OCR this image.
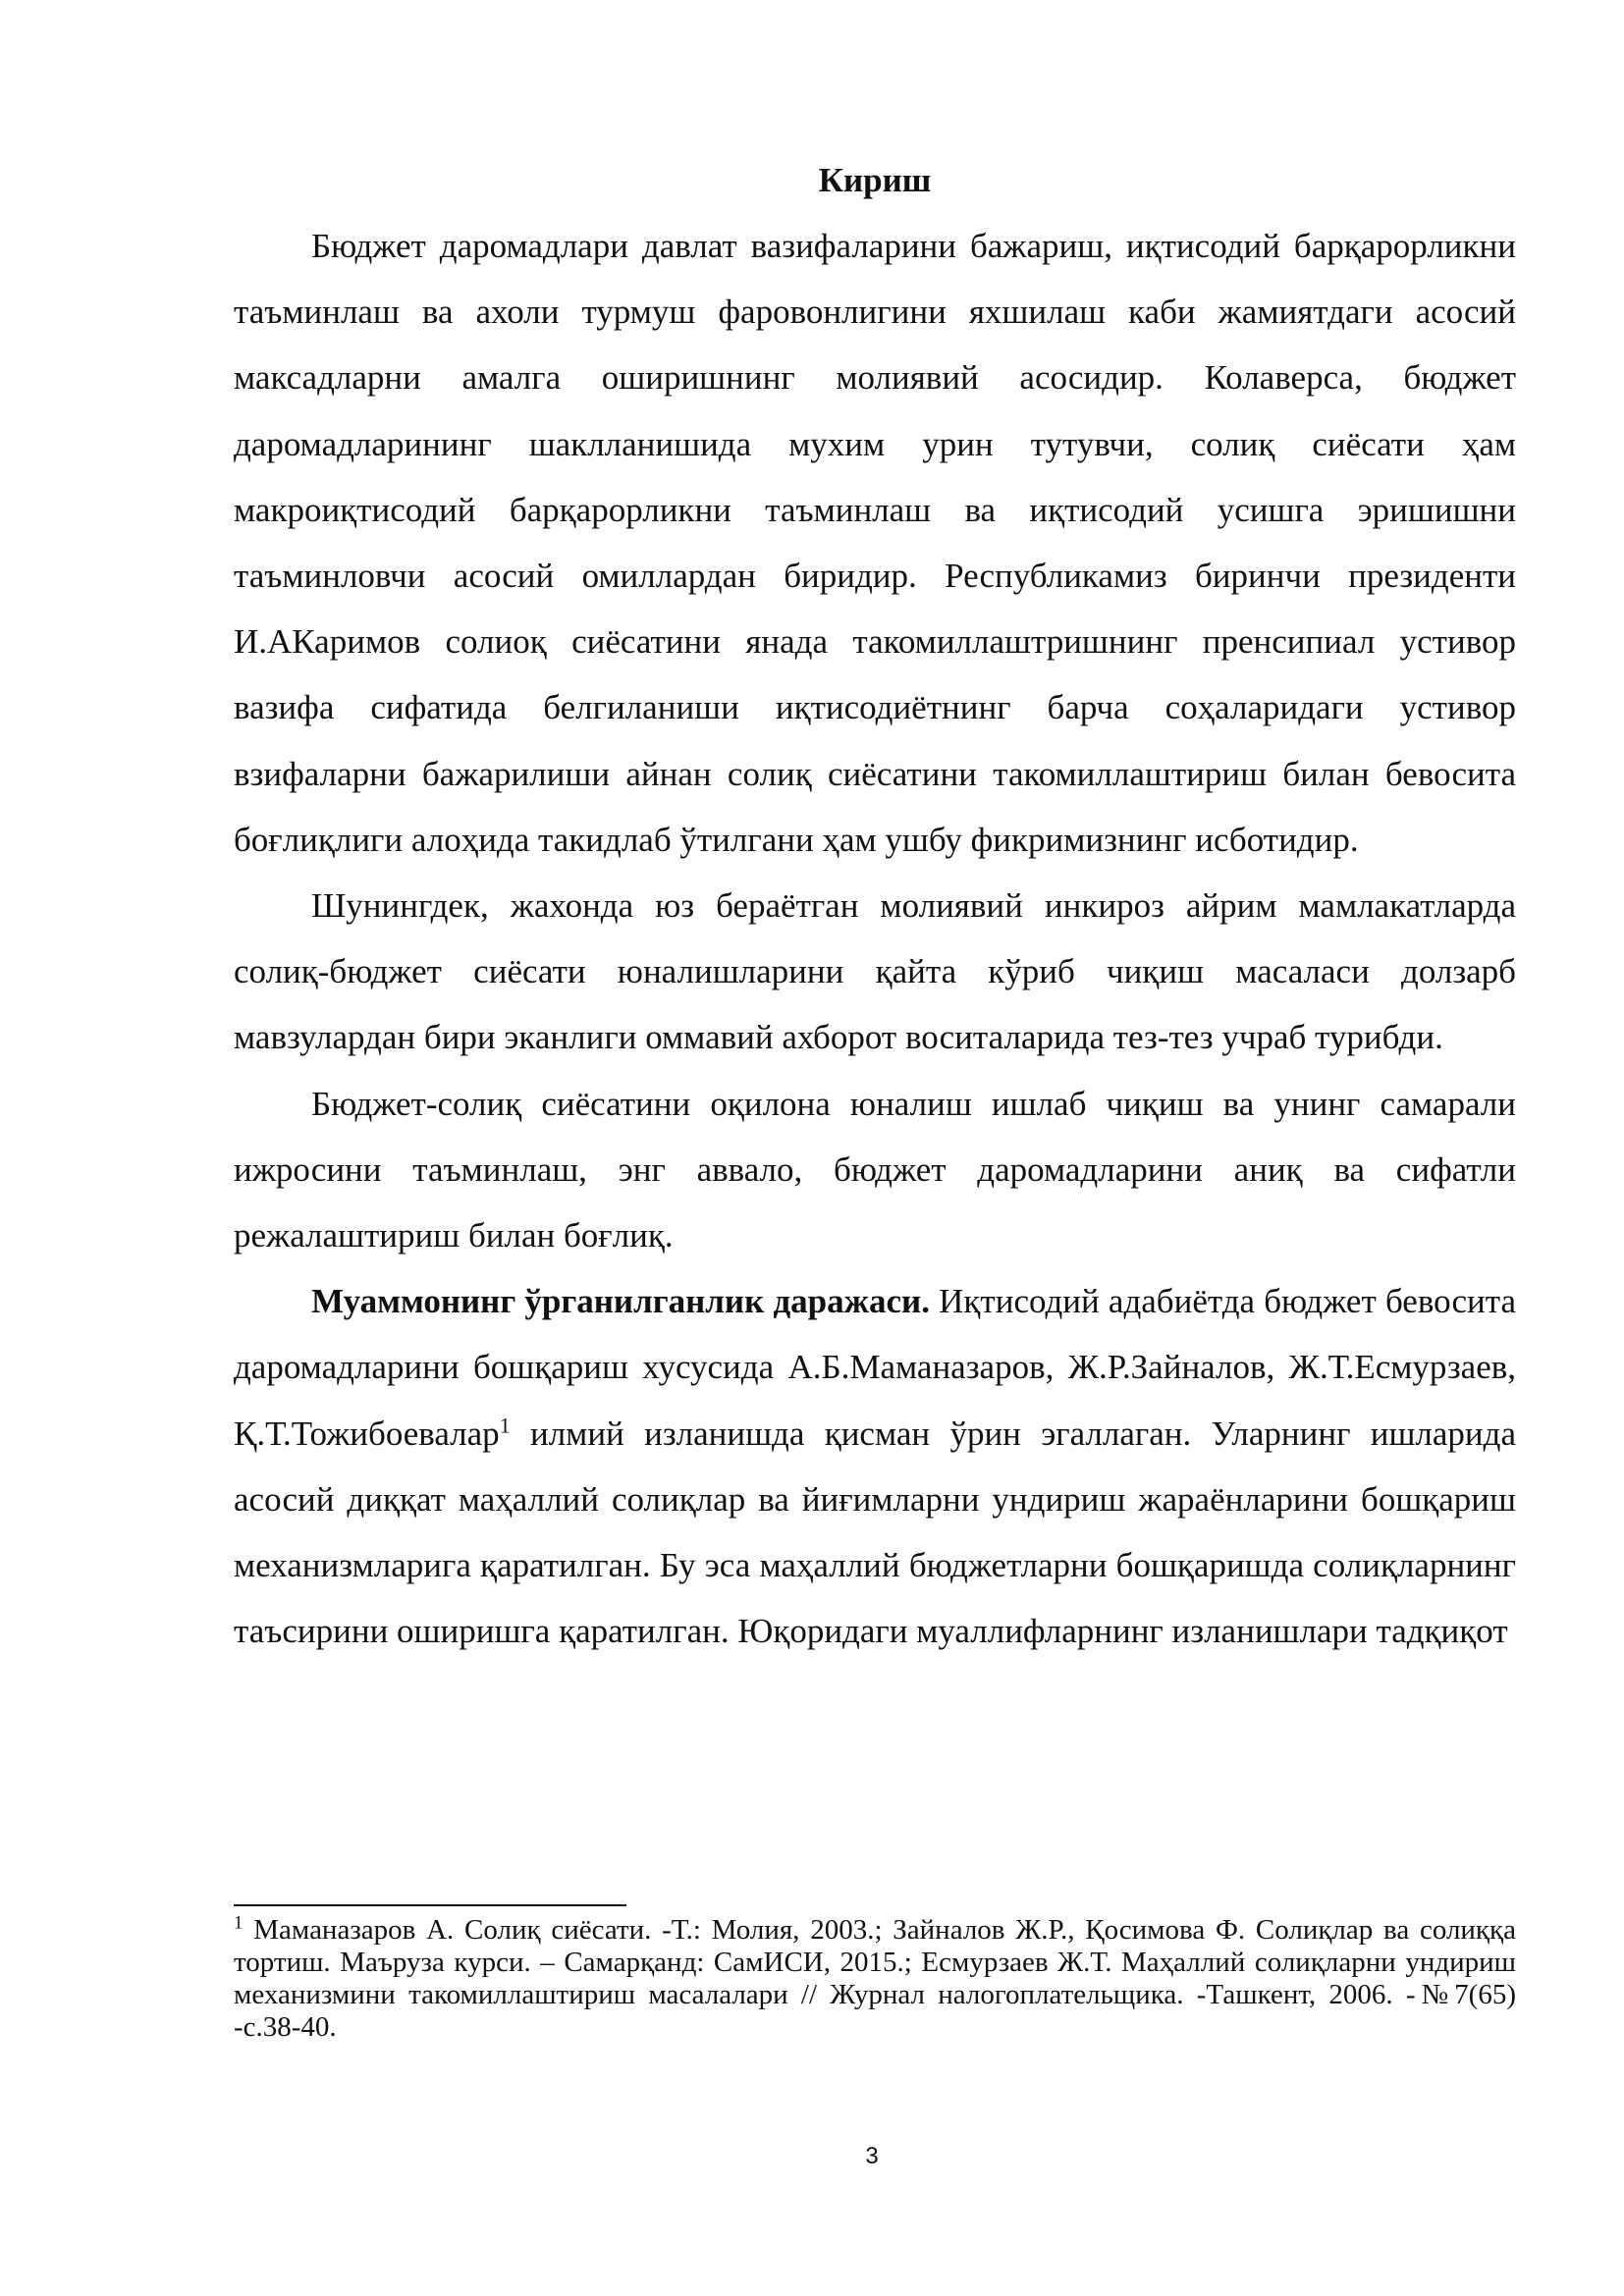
Кириш

Бюджет даромадлари давлат вазифаларини бажариш, иқтисодий барқарорликни таъминлаш ва ахоли турмуш фаровонлигини яхшилаш каби жамиятдаги асосий максадларни амалга оширишнинг молиявий асосидир. Колаверса, бюджет даромадларининг шаклланишида мухим урин тутувчи, солиқ сиёсати ҳам макроиқтисодий барқарорликни таъминлаш ва иқтисодий усишга эришишни таъминловчи асосий омиллардан биридир. Республикамиз биринчи президенти И.АКаримов солиоқ сиёсатини янада такомиллаштришнинг пренсипиал устивор вазифа сифатида белгиланиши иқтисодиётнинг барча соҳаларидаги устивор взифаларни бажарилиши айнан солиқ сиёсатини такомиллаштириш билан бевосита боғлиқлиги алоҳида такидлаб ўтилгани ҳам ушбу фикримизнинг исботидир.

Шунингдек, жахонда юз бераётган молиявий инкироз айрим мамлакатларда солиқ-бюджет сиёсати юналишларини қайта кўриб чиқиш масаласи долзарб мавзулардан бири эканлиги оммавий ахборот воситаларида тез-тез учраб турибди.

Бюджет-солиқ сиёсатини оқилона юналиш ишлаб чиқиш ва унинг самарали ижросини таъминлаш, энг аввало, бюджет даромадларини аниқ ва сифатли режалаштириш билан боғлиқ.

Муаммонинг ўрганилганлик даражаси. Иқтисодий адабиётда бюджет бевосита даромадларини бошқариш хусусида А.Б.Маманазаров, Ж.Р.Зайналов, Ж.Т.Есмурзаев, Қ.Т.Тожибоевалар$^1$ илмий изланишда қисман ўрин эгаллаган. Уларнинг ишларида асосий диққат маҳаллий солиқлар ва йиғимларни ундириш жараёнларини бошқариш механизмларига қаратилган. Бу эса маҳаллий бюджетларни бошқаришда солиқларнинг таъсирини оширишга қаратилган. Юқоридаги муаллифларнинг изланишлари тадқиқот

$^1$ Маманазаров А. Солиқ сиёсати. -Т.: Молия, 2003.; Зайналов Ж.Р., Қосимова Ф. Солиқлар ва солиққа тортиш. Маъруза курси. – Самарқанд: СамИСИ, 2015.; Есмурзаев Ж.Т. Маҳаллий солиқларни ундириш механизмини такомиллаштириш масалалари // Журнал налогоплательщика. -Ташкент, 2006. -№7(65) -с.38-40.

3
